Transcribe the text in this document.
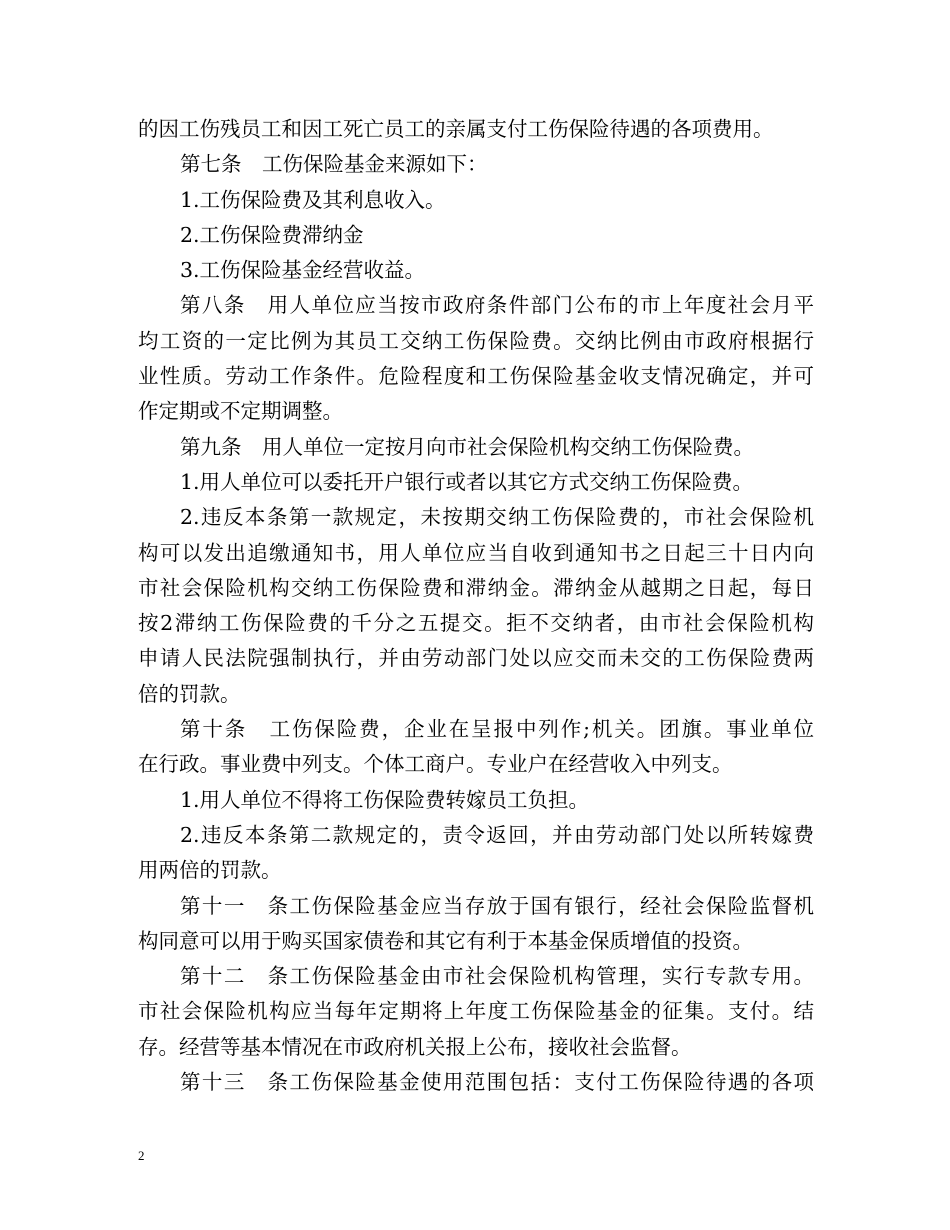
的因工伤残员工和因工死亡员工的亲属支付工伤保险待遇的各项费用。
第七条　工伤保险基金来源如下：
1.工伤保险费及其利息收入。
2.工伤保险费滞纳金
3.工伤保险基金经营收益。
第八条　用人单位应当按市政府条件部门公布的市上年度社会月平
均工资的一定比例为其员工交纳工伤保险费。交纳比例由市政府根据行
业性质。劳动工作条件。危险程度和工伤保险基金收支情况确定，并可
作定期或不定期调整。
第九条　用人单位一定按月向市社会保险机构交纳工伤保险费。
1.用人单位可以委托开户银行或者以其它方式交纳工伤保险费。
2.违反本条第一款规定，未按期交纳工伤保险费的，市社会保险机
构可以发出追缴通知书，用人单位应当自收到通知书之日起三十日内向
市社会保险机构交纳工伤保险费和滞纳金。滞纳金从越期之日起，每日
按2滞纳工伤保险费的千分之五提交。拒不交纳者，由市社会保险机构
申请人民法院强制执行，并由劳动部门处以应交而未交的工伤保险费两
倍的罚款。
第十条　工伤保险费，企业在呈报中列作;机关。团旗。事业单位
在行政。事业费中列支。个体工商户。专业户在经营收入中列支。
1.用人单位不得将工伤保险费转嫁员工负担。
2.违反本条第二款规定的，责令返回，并由劳动部门处以所转嫁费
用两倍的罚款。
第十一　条工伤保险基金应当存放于国有银行，经社会保险监督机
构同意可以用于购买国家债卷和其它有利于本基金保质增值的投资。
第十二　条工伤保险基金由市社会保险机构管理，实行专款专用。
市社会保险机构应当每年定期将上年度工伤保险基金的征集。支付。结
存。经营等基本情况在市政府机关报上公布，接收社会监督。
第十三　条工伤保险基金使用范围包括：支付工伤保险待遇的各项
2
